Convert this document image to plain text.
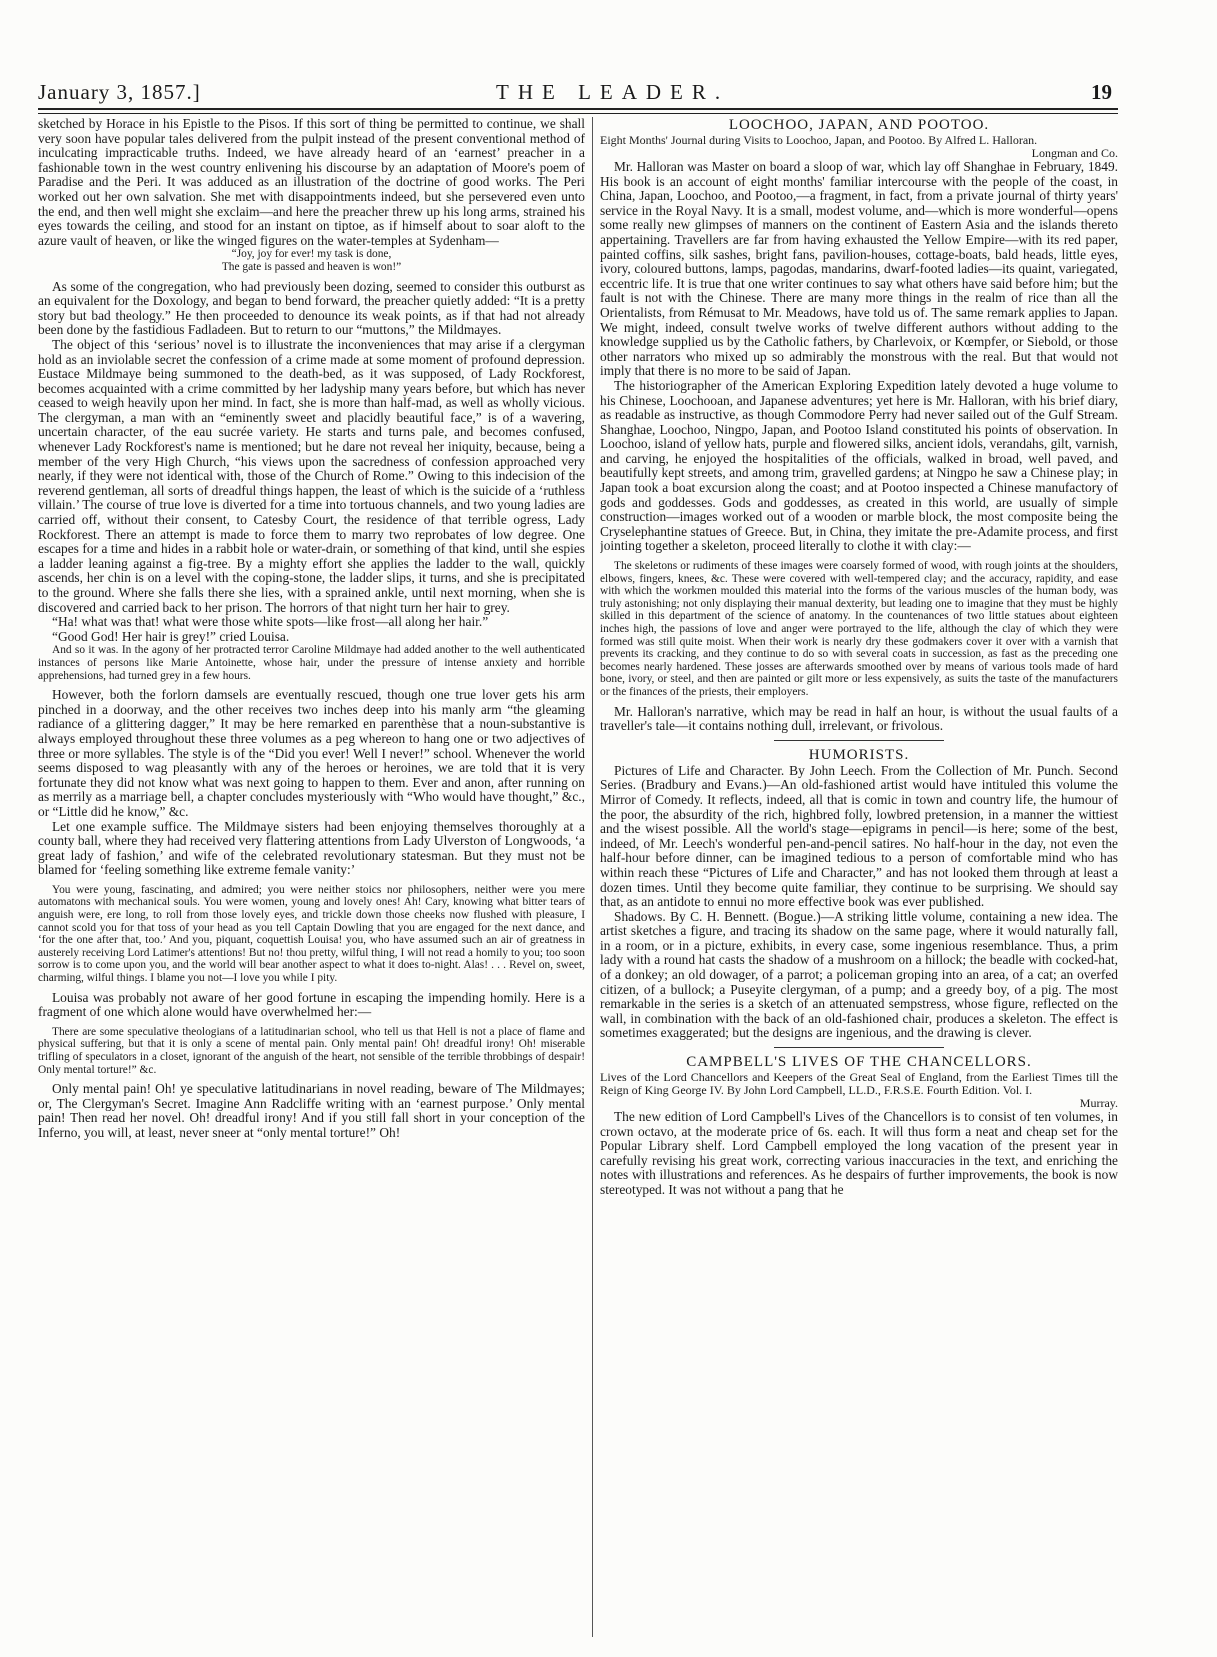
January 3, 1857.]	THE LEADER.	19

sketched by Horace in his Epistle to the Pisos. If this sort of thing be permitted to continue, we shall very soon have popular tales delivered from the pulpit instead of the present conventional method of inculcating impracticable truths. Indeed, we have already heard of an ‘earnest’ preacher in a fashionable town in the west country enlivening his discourse by an adaptation of Moore's poem of Paradise and the Peri. It was adduced as an illustration of the doctrine of good works. The Peri worked out her own salvation. She met with disappointments indeed, but she persevered even unto the end, and then well might she exclaim—and here the preacher threw up his long arms, strained his eyes towards the ceiling, and stood for an instant on tiptoe, as if himself about to soar aloft to the azure vault of heaven, or like the winged figures on the water-temples at Sydenham—

“Joy, joy for ever! my task is done,

The gate is passed and heaven is won!”

As some of the congregation, who had previously been dozing, seemed to consider this outburst as an equivalent for the Doxology, and began to bend forward, the preacher quietly added: “It is a pretty story but bad theology.” He then proceeded to denounce its weak points, as if that had not already been done by the fastidious Fadladeen. But to return to our “muttons,” the Mildmayes.

The object of this ‘serious’ novel is to illustrate the inconveniences that may arise if a clergyman hold as an inviolable secret the confession of a crime made at some moment of profound depression. Eustace Mildmaye being summoned to the death-bed, as it was supposed, of Lady Rockforest, becomes acquainted with a crime committed by her ladyship many years before, but which has never ceased to weigh heavily upon her mind. In fact, she is more than half-mad, as well as wholly vicious. The clergyman, a man with an “eminently sweet and placidly beautiful face,” is of a wavering, uncertain character, of the eau sucrée variety. He starts and turns pale, and becomes confused, whenever Lady Rockforest's name is mentioned; but he dare not reveal her iniquity, because, being a member of the very High Church, “his views upon the sacredness of confession approached very nearly, if they were not identical with, those of the Church of Rome.” Owing to this indecision of the reverend gentleman, all sorts of dreadful things happen, the least of which is the suicide of a ‘ruthless villain.’ The course of true love is diverted for a time into tortuous channels, and two young ladies are carried off, without their consent, to Catesby Court, the residence of that terrible ogress, Lady Rockforest. There an attempt is made to force them to marry two reprobates of low degree. One escapes for a time and hides in a rabbit hole or water-drain, or something of that kind, until she espies a ladder leaning against a fig-tree. By a mighty effort she applies the ladder to the wall, quickly ascends, her chin is on a level with the coping-stone, the ladder slips, it turns, and she is precipitated to the ground. Where she falls there she lies, with a sprained ankle, until next morning, when she is discovered and carried back to her prison. The horrors of that night turn her hair to grey.

“Ha! what was that! what were those white spots—like frost—all along her hair.”

“Good God! Her hair is grey!” cried Louisa.

And so it was. In the agony of her protracted terror Caroline Mildmaye had added another to the well authenticated instances of persons like Marie Antoinette, whose hair, under the pressure of intense anxiety and horrible apprehensions, had turned grey in a few hours.

However, both the forlorn damsels are eventually rescued, though one true lover gets his arm pinched in a doorway, and the other receives two inches deep into his manly arm “the gleaming radiance of a glittering dagger,” It may be here remarked en parenthèse that a noun-substantive is always employed throughout these three volumes as a peg whereon to hang one or two adjectives of three or more syllables. The style is of the “Did you ever! Well I never!” school. Whenever the world seems disposed to wag pleasantly with any of the heroes or heroines, we are told that it is very fortunate they did not know what was next going to happen to them. Ever and anon, after running on as merrily as a marriage bell, a chapter concludes mysteriously with “Who would have thought,” &c., or “Little did he know,” &c.

Let one example suffice. The Mildmaye sisters had been enjoying themselves thoroughly at a county ball, where they had received very flattering attentions from Lady Ulverston of Longwoods, ‘a great lady of fashion,’ and wife of the celebrated revolutionary statesman. But they must not be blamed for ‘feeling something like extreme female vanity:’

You were young, fascinating, and admired; you were neither stoics nor philosophers, neither were you mere automatons with mechanical souls. You were women, young and lovely ones! Ah! Cary, knowing what bitter tears of anguish were, ere long, to roll from those lovely eyes, and trickle down those cheeks now flushed with pleasure, I cannot scold you for that toss of your head as you tell Captain Dowling that you are engaged for the next dance, and ‘for the one after that, too.’ And you, piquant, coquettish Louisa! you, who have assumed such an air of greatness in austerely receiving Lord Latimer's attentions! But no! thou pretty, wilful thing, I will not read a homily to you; too soon sorrow is to come upon you, and the world will bear another aspect to what it does to-night. Alas! . . . Revel on, sweet, charming, wilful things. I blame you not—I love you while I pity.

Louisa was probably not aware of her good fortune in escaping the impending homily. Here is a fragment of one which alone would have overwhelmed her:—

There are some speculative theologians of a latitudinarian school, who tell us that Hell is not a place of flame and physical suffering, but that it is only a scene of mental pain. Only mental pain! Oh! dreadful irony! Oh! miserable trifling of speculators in a closet, ignorant of the anguish of the heart, not sensible of the terrible throbbings of despair! Only mental torture!” &c.

Only mental pain! Oh! ye speculative latitudinarians in novel reading, beware of The Mildmayes; or, The Clergyman's Secret. Imagine Ann Radcliffe writing with an ‘earnest purpose.’ Only mental pain! Then read her novel. Oh! dreadful irony! And if you still fall short in your conception of the Inferno, you will, at least, never sneer at “only mental torture!” Oh!

LOOCHOO, JAPAN, AND POOTOO.

Eight Months' Journal during Visits to Loochoo, Japan, and Pootoo. By Alfred L. Halloran.

Longman and Co.

Mr. Halloran was Master on board a sloop of war, which lay off Shanghae in February, 1849. His book is an account of eight months' familiar intercourse with the people of the coast, in China, Japan, Loochoo, and Pootoo,—a fragment, in fact, from a private journal of thirty years' service in the Royal Navy. It is a small, modest volume, and—which is more wonderful—opens some really new glimpses of manners on the continent of Eastern Asia and the islands thereto appertaining. Travellers are far from having exhausted the Yellow Empire—with its red paper, painted coffins, silk sashes, bright fans, pavilion-houses, cottage-boats, bald heads, little eyes, ivory, coloured buttons, lamps, pagodas, mandarins, dwarf-footed ladies—its quaint, variegated, eccentric life. It is true that one writer continues to say what others have said before him; but the fault is not with the Chinese. There are many more things in the realm of rice than all the Orientalists, from Rémusat to Mr. Meadows, have told us of. The same remark applies to Japan. We might, indeed, consult twelve works of twelve different authors without adding to the knowledge supplied us by the Catholic fathers, by Charlevoix, or Kœmpfer, or Siebold, or those other narrators who mixed up so admirably the monstrous with the real. But that would not imply that there is no more to be said of Japan.

The historiographer of the American Exploring Expedition lately devoted a huge volume to his Chinese, Loochooan, and Japanese adventures; yet here is Mr. Halloran, with his brief diary, as readable as instructive, as though Commodore Perry had never sailed out of the Gulf Stream. Shanghae, Loochoo, Ningpo, Japan, and Pootoo Island constituted his points of observation. In Loochoo, island of yellow hats, purple and flowered silks, ancient idols, verandahs, gilt, varnish, and carving, he enjoyed the hospitalities of the officials, walked in broad, well paved, and beautifully kept streets, and among trim, gravelled gardens; at Ningpo he saw a Chinese play; in Japan took a boat excursion along the coast; and at Pootoo inspected a Chinese manufactory of gods and goddesses. Gods and goddesses, as created in this world, are usually of simple construction—images worked out of a wooden or marble block, the most composite being the Cryselephantine statues of Greece. But, in China, they imitate the pre-Adamite process, and first jointing together a skeleton, proceed literally to clothe it with clay:—

The skeletons or rudiments of these images were coarsely formed of wood, with rough joints at the shoulders, elbows, fingers, knees, &c. These were covered with well-tempered clay; and the accuracy, rapidity, and ease with which the workmen moulded this material into the forms of the various muscles of the human body, was truly astonishing; not only displaying their manual dexterity, but leading one to imagine that they must be highly skilled in this department of the science of anatomy. In the countenances of two little statues about eighteen inches high, the passions of love and anger were portrayed to the life, although the clay of which they were formed was still quite moist. When their work is nearly dry these godmakers cover it over with a varnish that prevents its cracking, and they continue to do so with several coats in succession, as fast as the preceding one becomes nearly hardened. These josses are afterwards smoothed over by means of various tools made of hard bone, ivory, or steel, and then are painted or gilt more or less expensively, as suits the taste of the manufacturers or the finances of the priests, their employers.

Mr. Halloran's narrative, which may be read in half an hour, is without the usual faults of a traveller's tale—it contains nothing dull, irrelevant, or frivolous.

HUMORISTS.

Pictures of Life and Character. By John Leech. From the Collection of Mr. Punch. Second Series. (Bradbury and Evans.)—An old-fashioned artist would have intituled this volume the Mirror of Comedy. It reflects, indeed, all that is comic in town and country life, the humour of the poor, the absurdity of the rich, highbred folly, lowbred pretension, in a manner the wittiest and the wisest possible. All the world's stage—epigrams in pencil—is here; some of the best, indeed, of Mr. Leech's wonderful pen-and-pencil satires. No half-hour in the day, not even the half-hour before dinner, can be imagined tedious to a person of comfortable mind who has within reach these “Pictures of Life and Character,” and has not looked them through at least a dozen times. Until they become quite familiar, they continue to be surprising. We should say that, as an antidote to ennui no more effective book was ever published.

Shadows. By C. H. Bennett. (Bogue.)—A striking little volume, containing a new idea. The artist sketches a figure, and tracing its shadow on the same page, where it would naturally fall, in a room, or in a picture, exhibits, in every case, some ingenious resemblance. Thus, a prim lady with a round hat casts the shadow of a mushroom on a hillock; the beadle with cocked-hat, of a donkey; an old dowager, of a parrot; a policeman groping into an area, of a cat; an overfed citizen, of a bullock; a Puseyite clergyman, of a pump; and a greedy boy, of a pig. The most remarkable in the series is a sketch of an attenuated sempstress, whose figure, reflected on the wall, in combination with the back of an old-fashioned chair, produces a skeleton. The effect is sometimes exaggerated; but the designs are ingenious, and the drawing is clever.

CAMPBELL'S LIVES OF THE CHANCELLORS.

Lives of the Lord Chancellors and Keepers of the Great Seal of England, from the Earliest Times till the Reign of King George IV. By John Lord Campbell, LL.D., F.R.S.E. Fourth Edition. Vol. I.

Murray.

The new edition of Lord Campbell's Lives of the Chancellors is to consist of ten volumes, in crown octavo, at the moderate price of 6s. each. It will thus form a neat and cheap set for the Popular Library shelf. Lord Campbell employed the long vacation of the present year in carefully revising his great work, correcting various inaccuracies in the text, and enriching the notes with illustrations and references. As he despairs of further improvements, the book is now stereotyped. It was not without a pang that he
